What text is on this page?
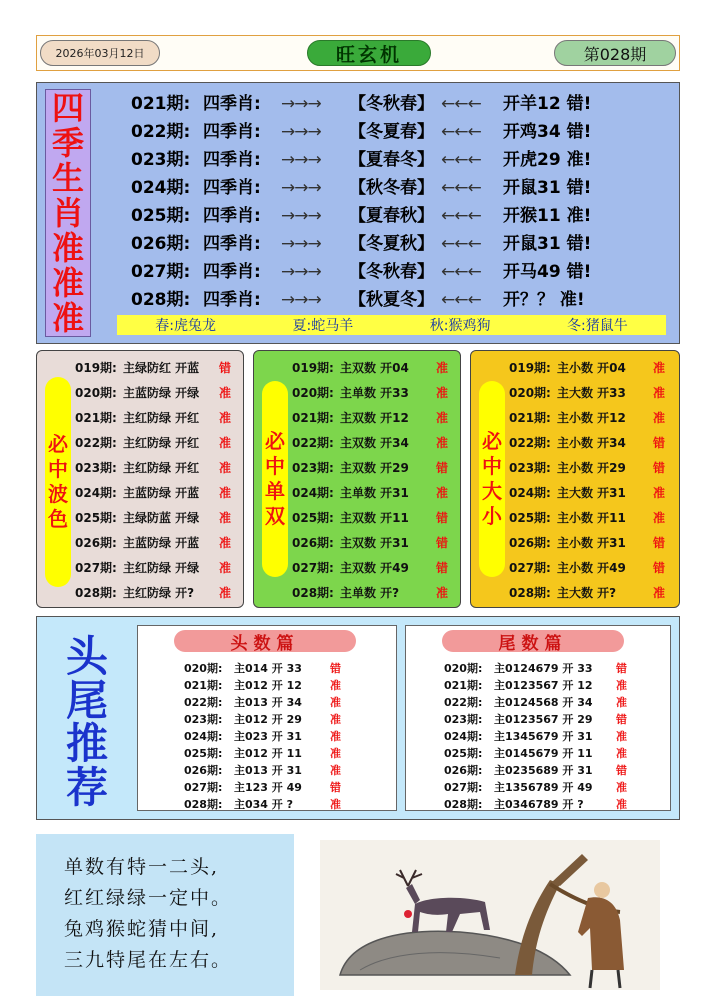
2026年03月12日	旺玄机	第028期
四
季
生
肖
准
准
准
021期: 四季肖: →→→ 【冬秋春】 ←←← 开羊12 错!
022期: 四季肖: →→→ 【冬夏春】 ←←← 开鸡34 错!
023期: 四季肖: →→→ 【夏春冬】 ←←← 开虎29 准!
024期: 四季肖: →→→ 【秋冬春】 ←←← 开鼠31 错!
025期: 四季肖: →→→ 【夏春秋】 ←←← 开猴11 准!
026期: 四季肖: →→→ 【冬夏秋】 ←←← 开鼠31 错!
027期: 四季肖: →→→ 【冬秋春】 ←←← 开马49 错!
028期: 四季肖: →→→ 【秋夏冬】 ←←← 开？？ 准!
春:虎兔龙	夏:蛇马羊	秋:猴鸡狗	冬:猪鼠牛
必
中
波
色
019期: 主绿防红 开蓝 错
020期: 主蓝防绿 开绿 准
021期: 主红防绿 开红 准
022期: 主红防绿 开红 准
023期: 主红防绿 开红 准
024期: 主蓝防绿 开蓝 准
025期: 主绿防蓝 开绿 准
026期: 主蓝防绿 开蓝 准
027期: 主红防绿 开绿 准
028期: 主红防绿 开? 准
必
中
单
双
019期: 主双数 开04 准
020期: 主单数 开33 准
021期: 主双数 开12 准
022期: 主双数 开34 准
023期: 主双数 开29 错
024期: 主单数 开31 准
025期: 主双数 开11 错
026期: 主双数 开31 错
027期: 主双数 开49 错
028期: 主单数 开?	准
必
中
大
小
019期: 主小数 开04 准
020期: 主大数 开33 准
021期: 主小数 开12 准
022期: 主小数 开34 错
023期: 主小数 开29 错
024期: 主大数 开31 准
025期: 主小数 开11 准
026期: 主小数 开31 错
027期: 主小数 开49 错
028期: 主大数 开?	准
头
尾
推
荐
头数篇
020期: 主014 开 33	错
021期: 主012 开 12	准
022期: 主013 开 34	准
023期: 主012 开 29	准
024期: 主023 开 31	准
025期: 主012 开 11	准
026期: 主013 开 31	准
027期: 主123 开 49	错
028期: 主034 开 ?	准
尾数篇
020期: 主0124679 开 33 错
021期: 主0123567 开 12 准
022期: 主0124568 开 34 准
023期: 主0123567 开 29 错
024期: 主1345679 开 31 准
025期: 主0145679 开 11 准
026期: 主0235689 开 31 错
027期: 主1356789 开 49 准
028期: 主0346789 开 ?	准
单数有特一二头,
红红绿绿一定中。
兔鸡猴蛇猜中间,
三九特尾在左右。
